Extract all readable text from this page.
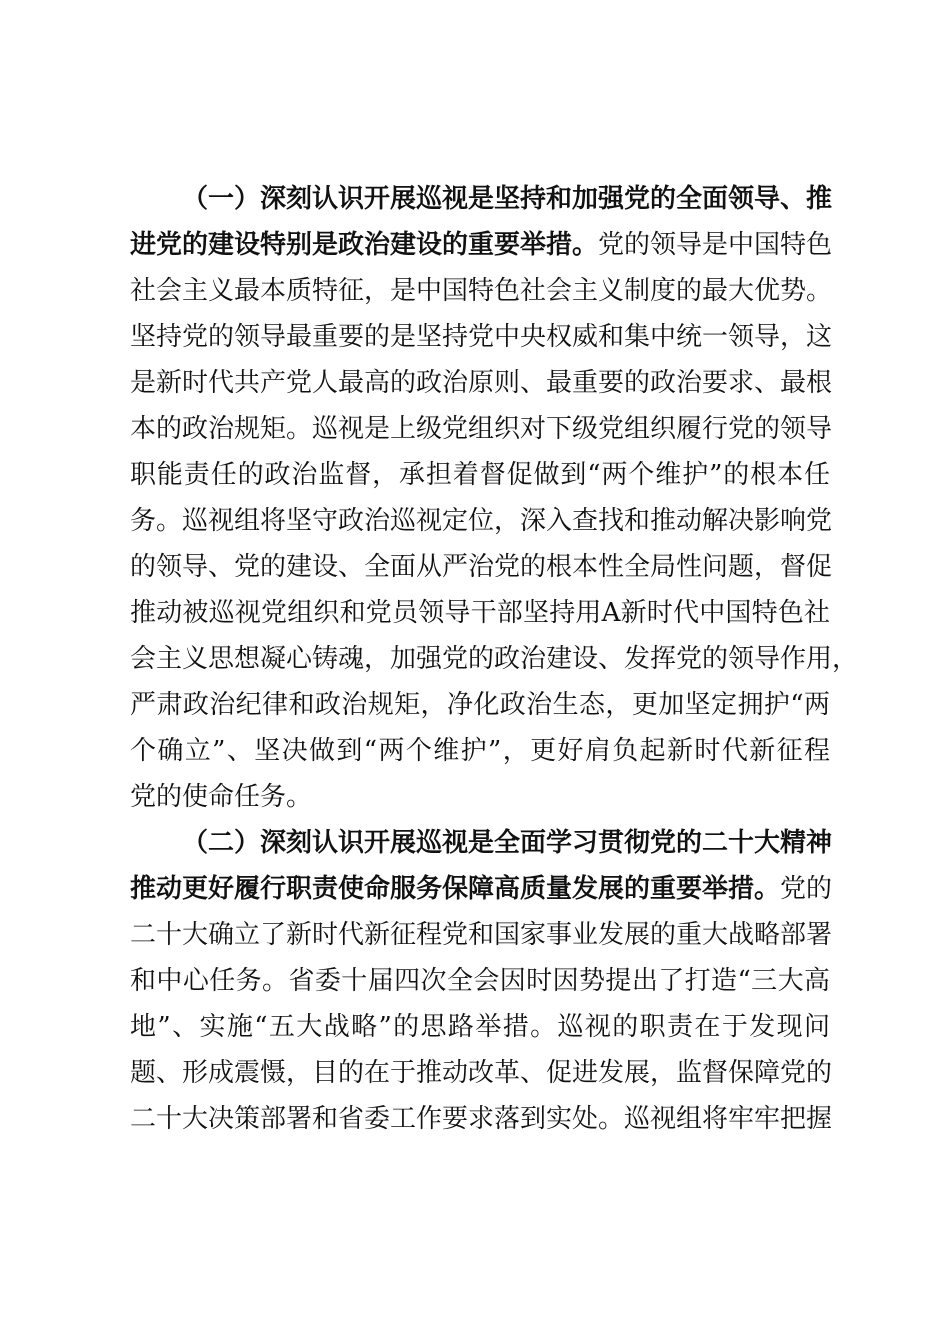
（一）深刻认识开展巡视是坚持和加强党的全面领导、推
进党的建设特别是政治建设的重要举措。党的领导是中国特色
社会主义最本质特征，是中国特色社会主义制度的最大优势。
坚持党的领导最重要的是坚持党中央权威和集中统一领导，这
是新时代共产党人最高的政治原则、最重要的政治要求、最根
本的政治规矩。巡视是上级党组织对下级党组织履行党的领导
职能责任的政治监督，承担着督促做到“两个维护”的根本任
务。巡视组将坚守政治巡视定位，深入查找和推动解决影响党
的领导、党的建设、全面从严治党的根本性全局性问题，督促
推动被巡视党组织和党员领导干部坚持用A新时代中国特色社
会主义思想凝心铸魂，加强党的政治建设、发挥党的领导作用，
严肃政治纪律和政治规矩，净化政治生态，更加坚定拥护“两
个确立”、坚决做到“两个维护”，更好肩负起新时代新征程
党的使命任务。
（二）深刻认识开展巡视是全面学习贯彻党的二十大精神
推动更好履行职责使命服务保障高质量发展的重要举措。党的
二十大确立了新时代新征程党和国家事业发展的重大战略部署
和中心任务。省委十届四次全会因时因势提出了打造“三大高
地”、实施“五大战略”的思路举措。巡视的职责在于发现问
题、形成震慑，目的在于推动改革、促进发展，监督保障党的
二十大决策部署和省委工作要求落到实处。巡视组将牢牢把握
